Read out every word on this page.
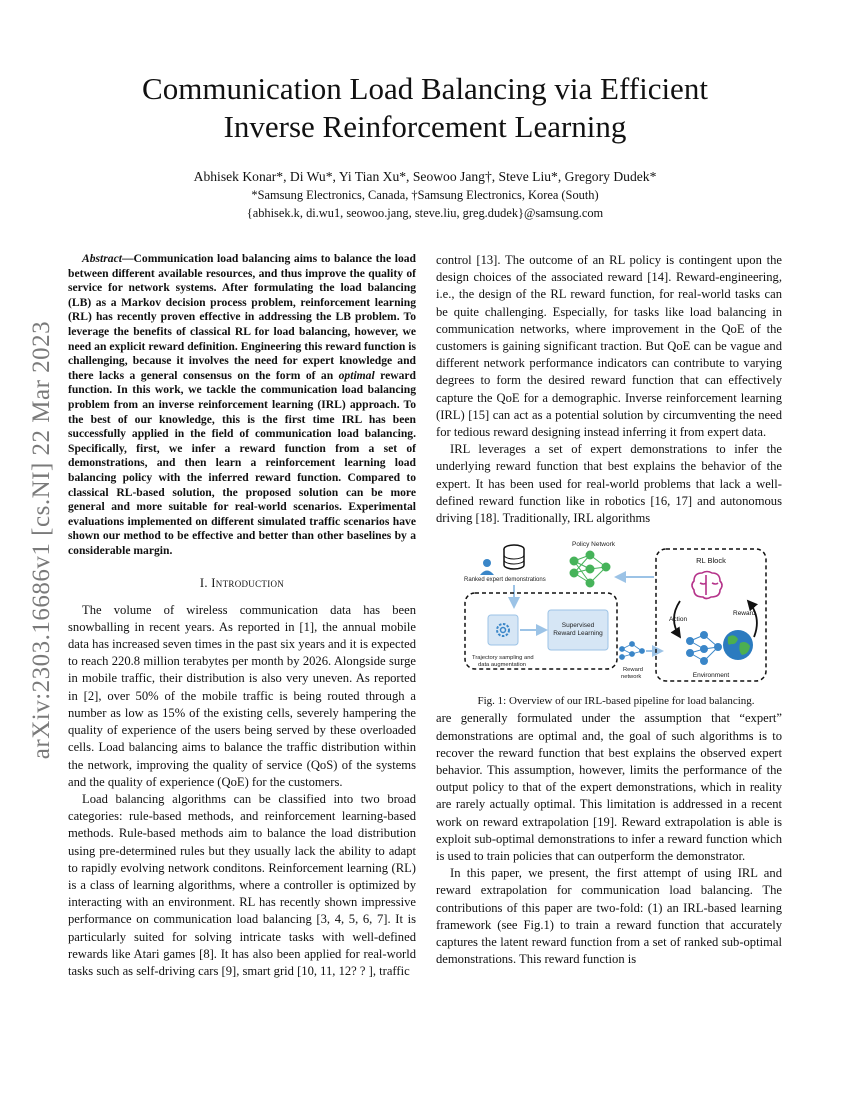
arXiv:2303.16686v1 [cs.NI] 22 Mar 2023
Communication Load Balancing via Efficient
Inverse Reinforcement Learning
Abhisek Konar*, Di Wu*, Yi Tian Xu*, Seowoo Jang†, Steve Liu*, Gregory Dudek*
*Samsung Electronics, Canada, †Samsung Electronics, Korea (South)
{abhisek.k, di.wu1, seowoo.jang, steve.liu, greg.dudek}@samsung.com

Abstract—Communication load balancing aims to balance the load between different available resources, and thus improve the quality of service for network systems. After formulating the load balancing (LB) as a Markov decision process problem, reinforcement learning (RL) has recently proven effective in addressing the LB problem. To leverage the benefits of classical RL for load balancing, however, we need an explicit reward definition. Engineering this reward function is challenging, because it involves the need for expert knowledge and there lacks a general consensus on the form of an optimal reward function. In this work, we tackle the communication load balancing problem from an inverse reinforcement learning (IRL) approach. To the best of our knowledge, this is the first time IRL has been successfully applied in the field of communication load balancing. Specifically, first, we infer a reward function from a set of demonstrations, and then learn a reinforcement learning load balancing policy with the inferred reward function. Compared to classical RL-based solution, the proposed solution can be more general and more suitable for real-world scenarios. Experimental evaluations implemented on different simulated traffic scenarios have shown our method to be effective and better than other baselines by a considerable margin.

I. Introduction

The volume of wireless communication data has been snowballing in recent years. As reported in [1], the annual mobile data has increased seven times in the past six years and it is expected to reach 220.8 million terabytes per month by 2026. Alongside surge in mobile traffic, their distribution is also very uneven. As reported in [2], over 50% of the mobile traffic is being routed through a number as low as 15% of the existing cells, severely hampering the quality of experience of the users being served by these overloaded cells. Load balancing aims to balance the traffic distribution within the network, improving the quality of service (QoS) of the systems and the quality of experience (QoE) for the customers.

Load balancing algorithms can be classified into two broad categories: rule-based methods, and reinforcement learning-based methods. Rule-based methods aim to balance the load distribution using pre-determined rules but they usually lack the ability to adapt to rapidly evolving network conditons. Reinforcement learning (RL) is a class of learning algorithms, where a controller is optimized by interacting with an environment. RL has recently shown impressive performance on communication load balancing [3, 4, 5, 6, 7]. It is particularly suited for solving intricate tasks with well-defined rewards like Atari games [8]. It has also been applied for real-world tasks such as self-driving cars [9], smart grid [10, 11, 12? ? ], traffic

control [13]. The outcome of an RL policy is contingent upon the design choices of the associated reward [14]. Reward-engineering, i.e., the design of the RL reward function, for real-world tasks can be quite challenging. Especially, for tasks like load balancing in communication networks, where improvement in the QoE of the customers is gaining significant traction. But QoE can be vague and different network performance indicators can contribute to varying degrees to form the desired reward function that can effectively capture the QoE for a demographic. Inverse reinforcement learning (IRL) [15] can act as a potential solution by circumventing the need for tedious reward designing instead inferring it from expert data.

IRL leverages a set of expert demonstrations to infer the underlying reward function that best explains the behavior of the expert. It has been used for real-world problems that lack a well-defined reward function like in robotics [16, 17] and autonomous driving [18]. Traditionally, IRL algorithms

Ranked expert demonstrations
Policy Network
Trajectory sampling and
data augmentation
Supervised
Reward Learning
Reward
network
RL Block
Action
Reward
Environment

Fig. 1: Overview of our IRL-based pipeline for load balancing.

are generally formulated under the assumption that “expert” demonstrations are optimal and, the goal of such algorithms is to recover the reward function that best explains the observed expert behavior. This assumption, however, limits the performance of the output policy to that of the expert demonstrations, which in reality are rarely actually optimal. This limitation is addressed in a recent work on reward extrapolation [19]. Reward extrapolation is able is exploit sub-optimal demonstrations to infer a reward function which is used to train policies that can outperform the demonstrator.

In this paper, we present, the first attempt of using IRL and reward extrapolation for communication load balancing. The contributions of this paper are two-fold: (1) an IRL-based learning framework (see Fig.1) to train a reward function that accurately captures the latent reward function from a set of ranked sub-optimal demonstrations. This reward function is
